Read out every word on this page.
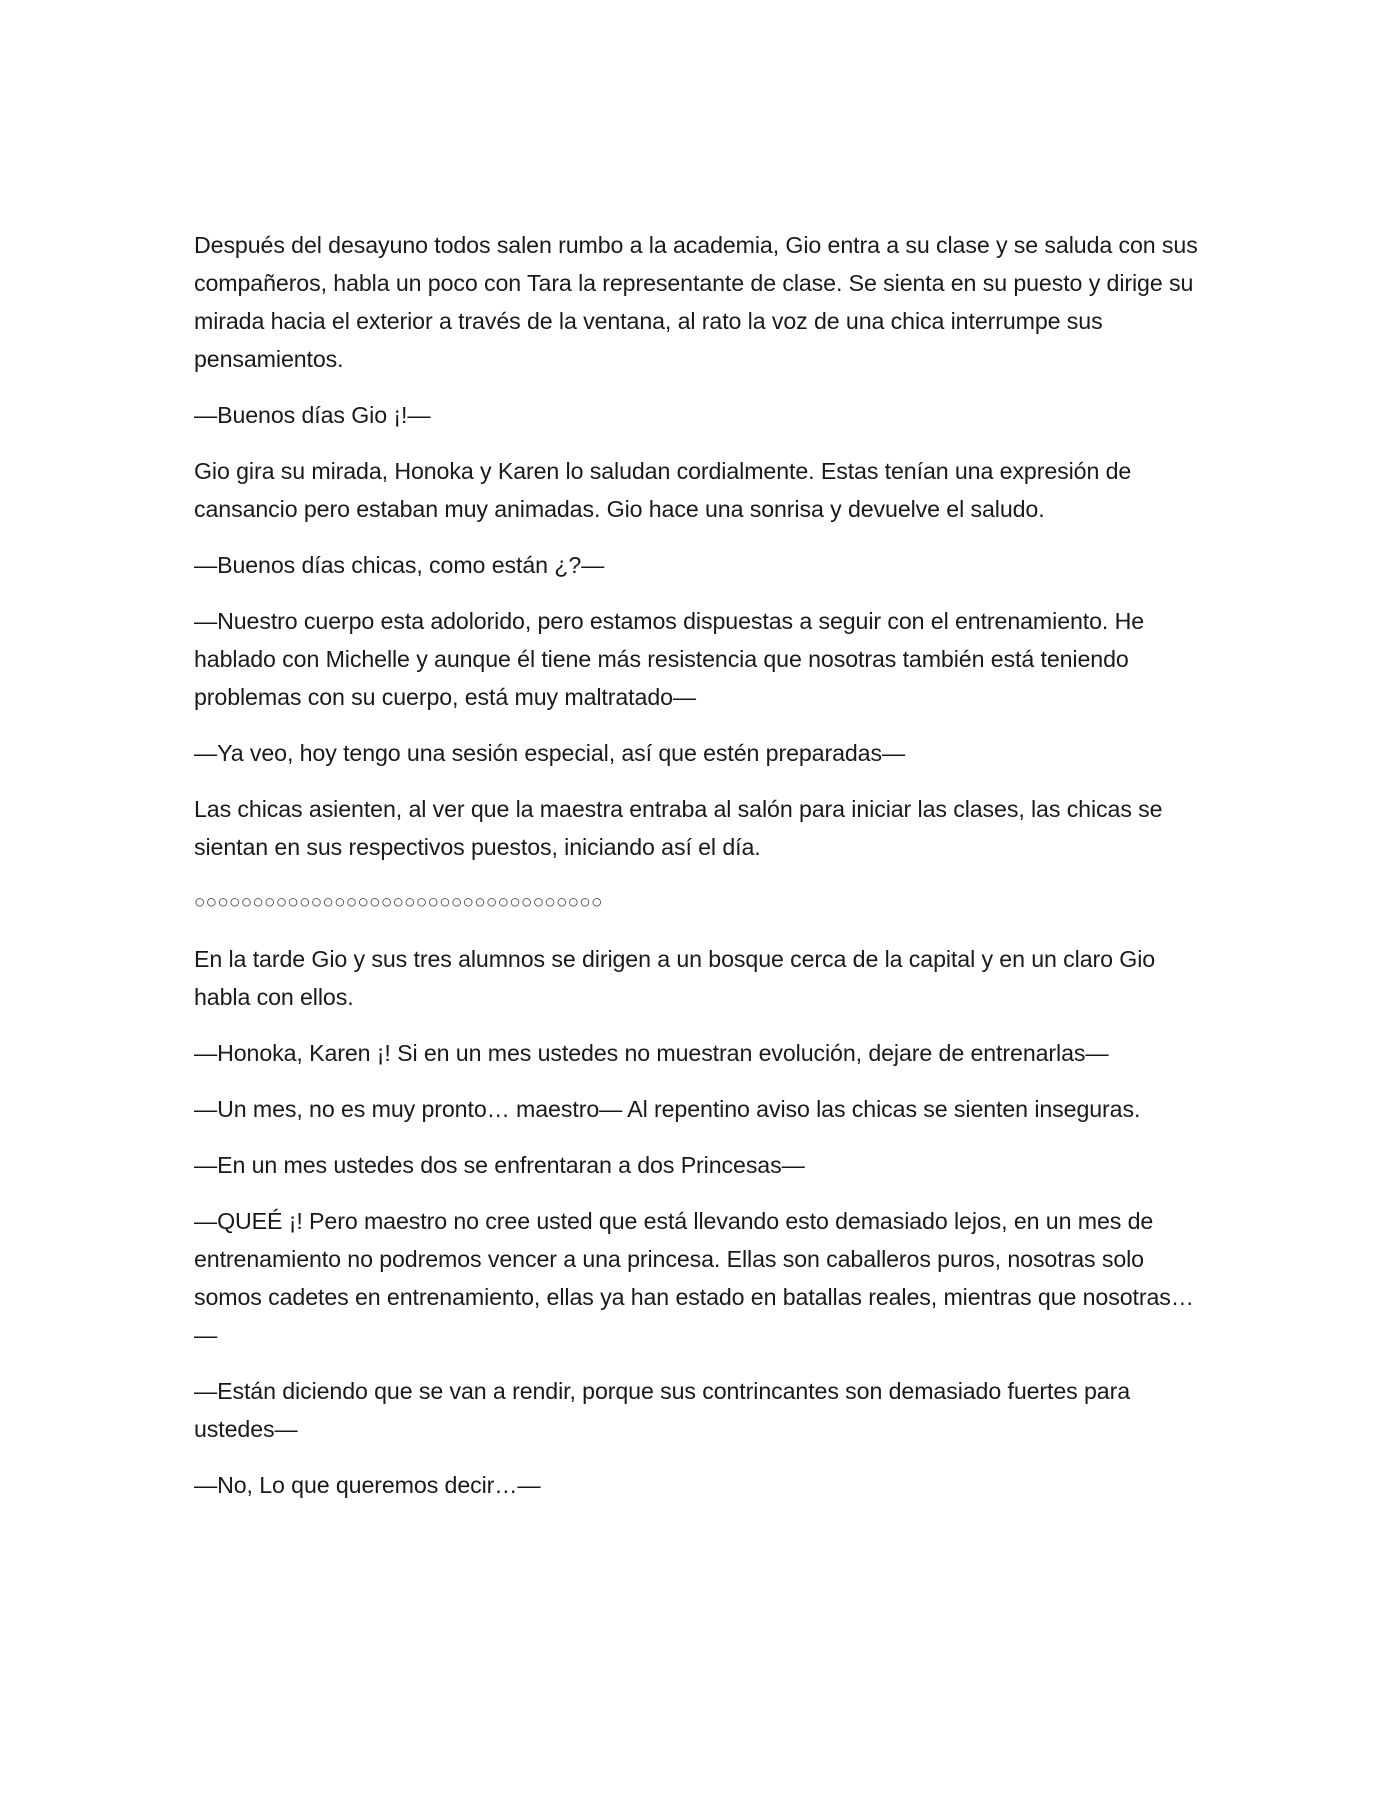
Después del desayuno todos salen rumbo a la academia, Gio entra a su clase y se saluda con sus compañeros, habla un poco con Tara la representante de clase. Se sienta en su puesto y dirige su mirada hacia el exterior a través de la ventana, al rato la voz de una chica interrumpe sus pensamientos.

—Buenos días Gio ¡!—

Gio gira su mirada, Honoka y Karen lo saludan cordialmente. Estas tenían una expresión de cansancio pero estaban muy animadas. Gio hace una sonrisa y devuelve el saludo.

—Buenos días chicas, como están ¿?—

—Nuestro cuerpo esta adolorido, pero estamos dispuestas a seguir con el entrenamiento. He hablado con Michelle y aunque él tiene más resistencia que nosotras también está teniendo problemas con su cuerpo, está muy maltratado—

—Ya veo, hoy tengo una sesión especial, así que estén preparadas—

Las chicas asienten, al ver que la maestra entraba al salón para iniciar las clases, las chicas se sientan en sus respectivos puestos, iniciando así el día.

○○○○○○○○○○○○○○○○○○○○○○○○○○○○○○○○○○○

En la tarde Gio y sus tres alumnos se dirigen a un bosque cerca de la capital y en un claro Gio habla con ellos.

—Honoka, Karen ¡! Si en un mes ustedes no muestran evolución, dejare de entrenarlas—

—Un mes, no es muy pronto… maestro— Al repentino aviso las chicas se sienten inseguras.

—En un mes ustedes dos se enfrentaran a dos Princesas—

—QUEÉ ¡! Pero maestro no cree usted que está llevando esto demasiado lejos, en un mes de entrenamiento no podremos vencer a una princesa. Ellas son caballeros puros, nosotras solo somos cadetes en entrenamiento, ellas ya han estado en batallas reales, mientras que nosotras…—

—Están diciendo que se van a rendir, porque sus contrincantes son demasiado fuertes para ustedes—

—No, Lo que queremos decir…—
